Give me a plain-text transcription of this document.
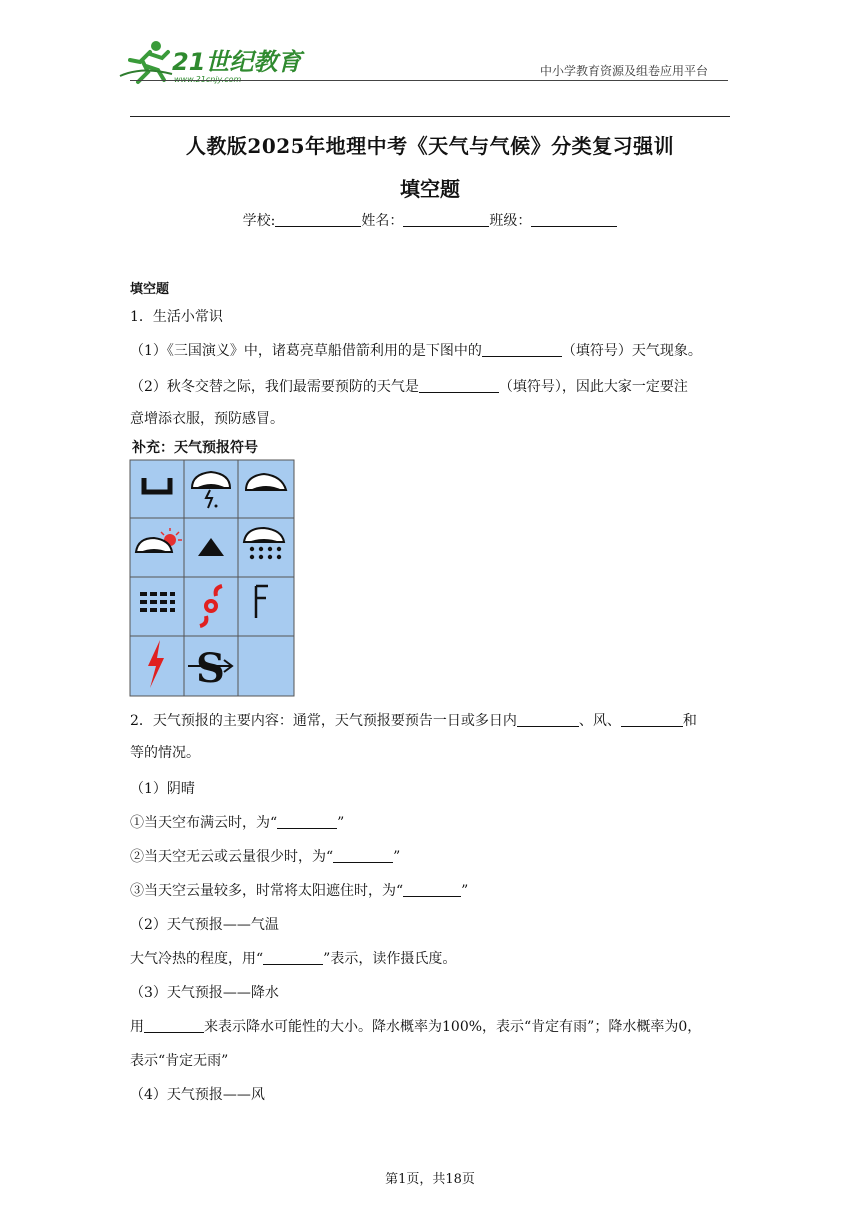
21世纪教育
www.21cnjy.com
中小学教育资源及组卷应用平台
人教版2025年地理中考《天气与气候》分类复习强训
填空题
学校:	姓名：	班级：
填空题
1．生活小常识
（1）《三国演义》中，诸葛亮草船借箭利用的是下图中的	（填符号）天气现象。
（2）秋冬交替之际，我们最需要预防的天气是	（填符号），因此大家一定要注
意增添衣服，预防感冒。
补充：天气预报符号
S
2．天气预报的主要内容：通常，天气预报要预告一日或多日内	、风、	和
等的情况。
（1）阴晴
①当天空布满云时，为“	”
②当天空无云或云量很少时，为“	”
③当天空云量较多，时常将太阳遮住时，为“	”
（2）天气预报——气温
大气冷热的程度，用“	”表示，读作摄氏度。
（3）天气预报——降水
用	来表示降水可能性的大小。降水概率为100%，表示“肯定有雨”；降水概率为0，
表示“肯定无雨”
（4）天气预报——风
第1页，共18页
